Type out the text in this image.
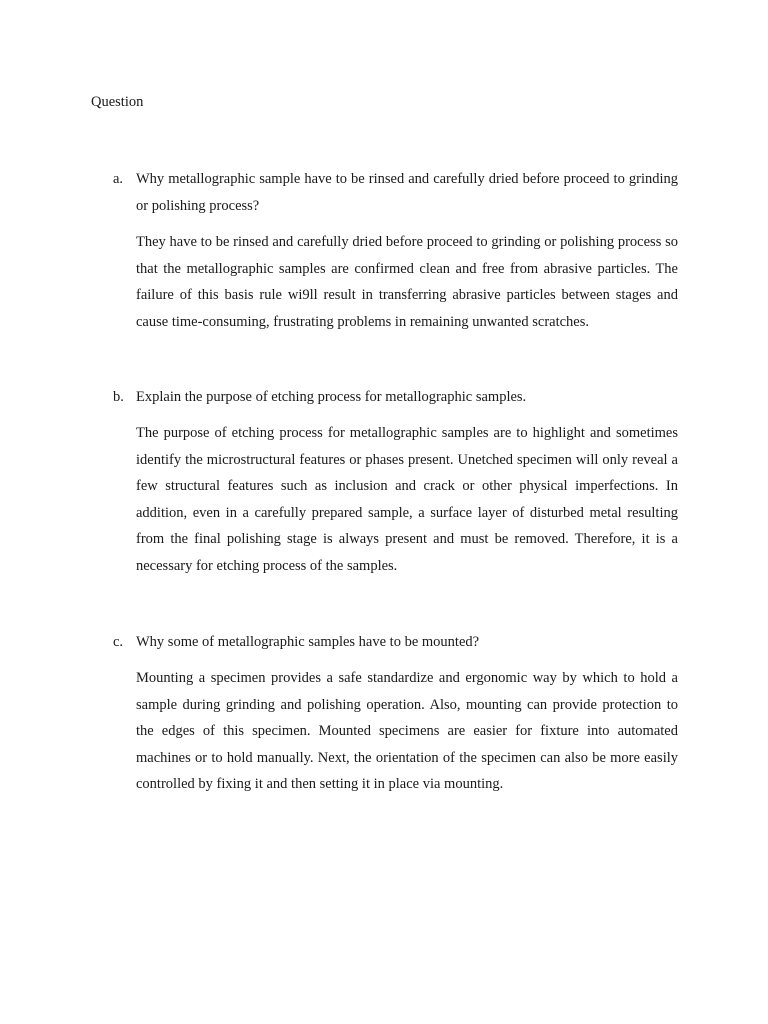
Question

a. Why metallographic sample have to be rinsed and carefully dried before proceed to grinding or polishing process?

They have to be rinsed and carefully dried before proceed to grinding or polishing process so that the metallographic samples are confirmed clean and free from abrasive particles. The failure of this basis rule wi9ll result in transferring abrasive particles between stages and cause time-consuming, frustrating problems in remaining unwanted scratches.

b. Explain the purpose of etching process for metallographic samples.

The purpose of etching process for metallographic samples are to highlight and sometimes identify the microstructural features or phases present. Unetched specimen will only reveal a few structural features such as inclusion and crack or other physical imperfections. In addition, even in a carefully prepared sample, a surface layer of disturbed metal resulting from the final polishing stage is always present and must be removed. Therefore, it is a necessary for etching process of the samples.

c. Why some of metallographic samples have to be mounted?

Mounting a specimen provides a safe standardize and ergonomic way by which to hold a sample during grinding and polishing operation. Also, mounting can provide protection to the edges of this specimen. Mounted specimens are easier for fixture into automated machines or to hold manually. Next, the orientation of the specimen can also be more easily controlled by fixing it and then setting it in place via mounting.
